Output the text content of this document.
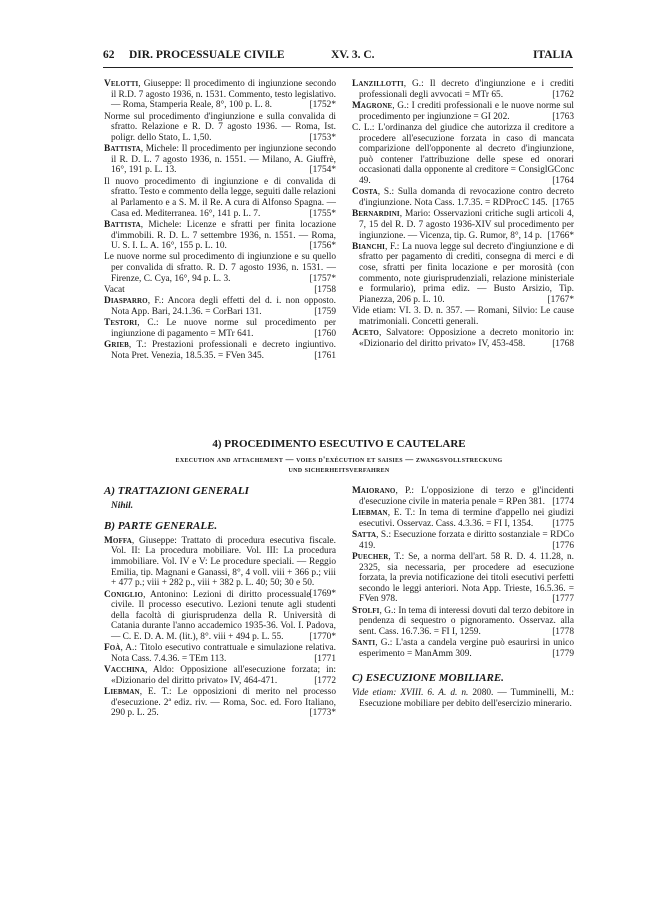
62 DIR. PROCESSUALE CIVILE	XV. 3. C.	ITALIA
Velotti, Giuseppe: Il procedimento di ingiunzione secondo il R.D. 7 agosto 1936, n. 1531. Commento, testo legislativo. — Roma, Stamperia Reale, 8°, 100 p. L. 8.	[1752*
Norme sul procedimento d'ingiunzione e sulla convalida di sfratto. Relazione e R. D. 7 agosto 1936. — Roma, Ist. poligr. dello Stato, L. 1,50.	[1753*
Battista, Michele: Il procedimento per ingiunzione secondo il R. D. L. 7 agosto 1936, n. 1551. — Milano, A. Giuffrè, 16°, 191 p. L. 13.	[1754*
Il nuovo procedimento di ingiunzione e di convalida di sfratto. Testo e commento della legge, seguiti dalle relazioni al Parlamento e a S. M. il Re. A cura di Alfonso Spagna. — Casa ed. Mediterranea. 16°, 141 p. L. 7.	[1755*
Battista, Michele: Licenze e sfratti per finita locazione d'immobili. R. D. L. 7 settembre 1936, n. 1551. — Roma, U. S. I. L. A. 16°, 155 p. L. 10.	[1756*
Le nuove norme sul procedimento di ingiunzione e su quello per convalida di sfratto. R. D. 7 agosto 1936, n. 1531. — Firenze, C. Cya, 16°, 94 p. L. 3.	[1757*
Vacat	[1758
Diasparro, F.: Ancora degli effetti del d. i. non opposto. Nota App. Bari, 24.1.36. = CorBari 131.	[1759
Testori, C.: Le nuove norme sul procedimento per ingiunzione di pagamento = MTr 641.	[1760
Grieb, T.: Prestazioni professionali e decreto ingiuntivo. Nota Pret. Venezia, 18.5.35. = FVen 345.	[1761
Lanzillotti, G.: Il decreto d'ingiunzione e i crediti professionali degli avvocati = MTr 65.	[1762
Magrone, G.: I crediti professionali e le nuove norme sul procedimento per ingiunzione = GI 202.	[1763
C. L.: L'ordinanza del giudice che autorizza il creditore a procedere all'esecuzione forzata in caso di mancata comparizione dell'opponente al decreto d'ingiunzione, può contener l'attribuzione delle spese ed onorari occasionati dalla opponente al creditore = ConsiglGConc 49.	[1764
Costa, S.: Sulla domanda di revocazione contro decreto d'ingiunzione. Nota Cass. 1.7.35. = RDProcC 145. [1765
Bernardini, Mario: Osservazioni critiche sugli articoli 4, 7, 15 del R. D. 7 agosto 1936-XIV sul procedimento per ingiunzione. — Vicenza, tip. G. Rumor, 8°, 14 p. [1766*
Bianchi, F.: La nuova legge sul decreto d'ingiunzione e di sfratto per pagamento di crediti, consegna di merci e di cose, sfratti per finita locazione e per morosità (con commento, note giurisprudenziali, relazione ministeriale e formulario), prima ediz. — Busto Arsizio, Tip. Pianezza, 206 p. L. 10.	[1767*
Vide etiam: VI. 3. D. n. 357. — Romani, Silvio: Le cause matrimoniali. Concetti generali.
Aceto, Salvatore: Opposizione a decreto monitorio in: «Dizionario del diritto privato» IV, 453-458.	[1768
4) PROCEDIMENTO ESECUTIVO E CAUTELARE
execution and attachement — voies d'exécution et saisies — zwangsvollstreckung
und sicherheitsverfahren
A) TRATTAZIONI GENERALI
Nihil.
B) PARTE GENERALE.
Moffa, Giuseppe: Trattato di procedura esecutiva fiscale. Vol. II: La procedura mobiliare. Vol. III: La procedura immobiliare. Vol. IV e V: Le procedure speciali. — Reggio Emilia, tip. Magnani e Ganassi, 8°, 4 voll. viii + 366 p.; viii + 477 p.; viii + 282 p., viii + 382 p. L. 40; 50; 30 e 50.
[1769*
Coniglio, Antonino: Lezioni di diritto processuale civile. Il processo esecutivo. Lezioni tenute agli studenti della facoltà di giurisprudenza della R. Università di Catania durante l'anno accademico 1935-36. Vol. I. Padova, — C. E. D. A. M. (lit.), 8°. viii + 494 p. L. 55.	[1770*
Foà, A.: Titolo esecutivo contrattuale e simulazione relativa. Nota Cass. 7.4.36. = TEm 113.	[1771
Vacchina, Aldo: Opposizione all'esecuzione forzata; in: «Dizionario del diritto privato» IV, 464-471.	[1772
Liebman, E. T.: Le opposizioni di merito nel processo d'esecuzione. 2ª ediz. riv. — Roma, Soc. ed. Foro Italiano, 290 p. L. 25.	[1773*
Maiorano, P.: L'opposizione di terzo e gl'incidenti d'esecuzione civile in materia penale = RPen 381. [1774
Liebman, E. T.: In tema di termine d'appello nei giudizi esecutivi. Osservaz. Cass. 4.3.36. = FI I, 1354. [1775
Satta, S.: Esecuzione forzata e diritto sostanziale = RDCo 419.	[1776
Puecher, T.: Se, a norma dell'art. 58 R. D. 4. 11.28, n. 2325, sia necessaria, per procedere ad esecuzione forzata, la previa notificazione dei titoli esecutivi perfetti secondo le leggi anteriori. Nota App. Trieste, 16.5.36. = FVen 978.	[1777
Stolfi, G.: In tema di interessi dovuti dal terzo debitore in pendenza di sequestro o pignoramento. Osservaz. alla sent. Cass. 16.7.36. = FI I, 1259.	[1778
Santi, G.: L'asta a candela vergine può esaurirsi in unico esperimento = ManAmm 309.	[1779
C) ESECUZIONE MOBILIARE.
Vide etiam: XVIII. 6. A. d. n. 2080. — Tumminelli, M.: Esecuzione mobiliare per debito dell'esercizio minerario.
